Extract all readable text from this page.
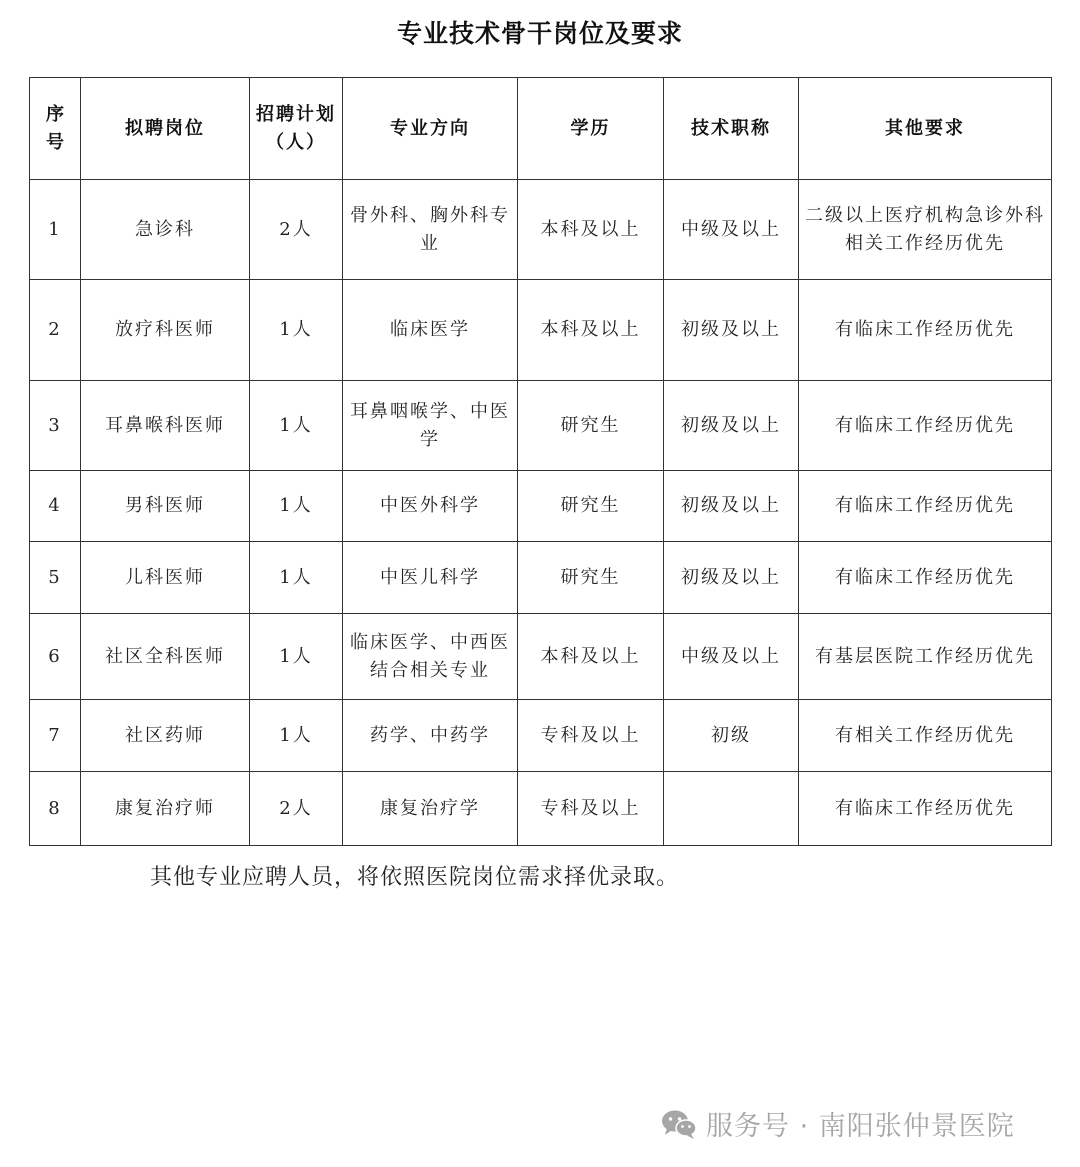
专业技术骨干岗位及要求
序号	拟聘岗位	招聘计划（人）	专业方向	学历	技术职称	其他要求
1	急诊科	2人	骨外科、胸外科专业	本科及以上	中级及以上	二级以上医疗机构急诊外科相关工作经历优先
2	放疗科医师	1人	临床医学	本科及以上	初级及以上	有临床工作经历优先
3	耳鼻喉科医师	1人	耳鼻咽喉学、中医学	研究生	初级及以上	有临床工作经历优先
4	男科医师	1人	中医外科学	研究生	初级及以上	有临床工作经历优先
5	儿科医师	1人	中医儿科学	研究生	初级及以上	有临床工作经历优先
6	社区全科医师	1人	临床医学、中西医结合相关专业	本科及以上	中级及以上	有基层医院工作经历优先
7	社区药师	1人	药学、中药学	专科及以上	初级	有相关工作经历优先
8	康复治疗师	2人	康复治疗学	专科及以上		有临床工作经历优先
其他专业应聘人员，将依照医院岗位需求择优录取。
服务号 · 南阳张仲景医院
